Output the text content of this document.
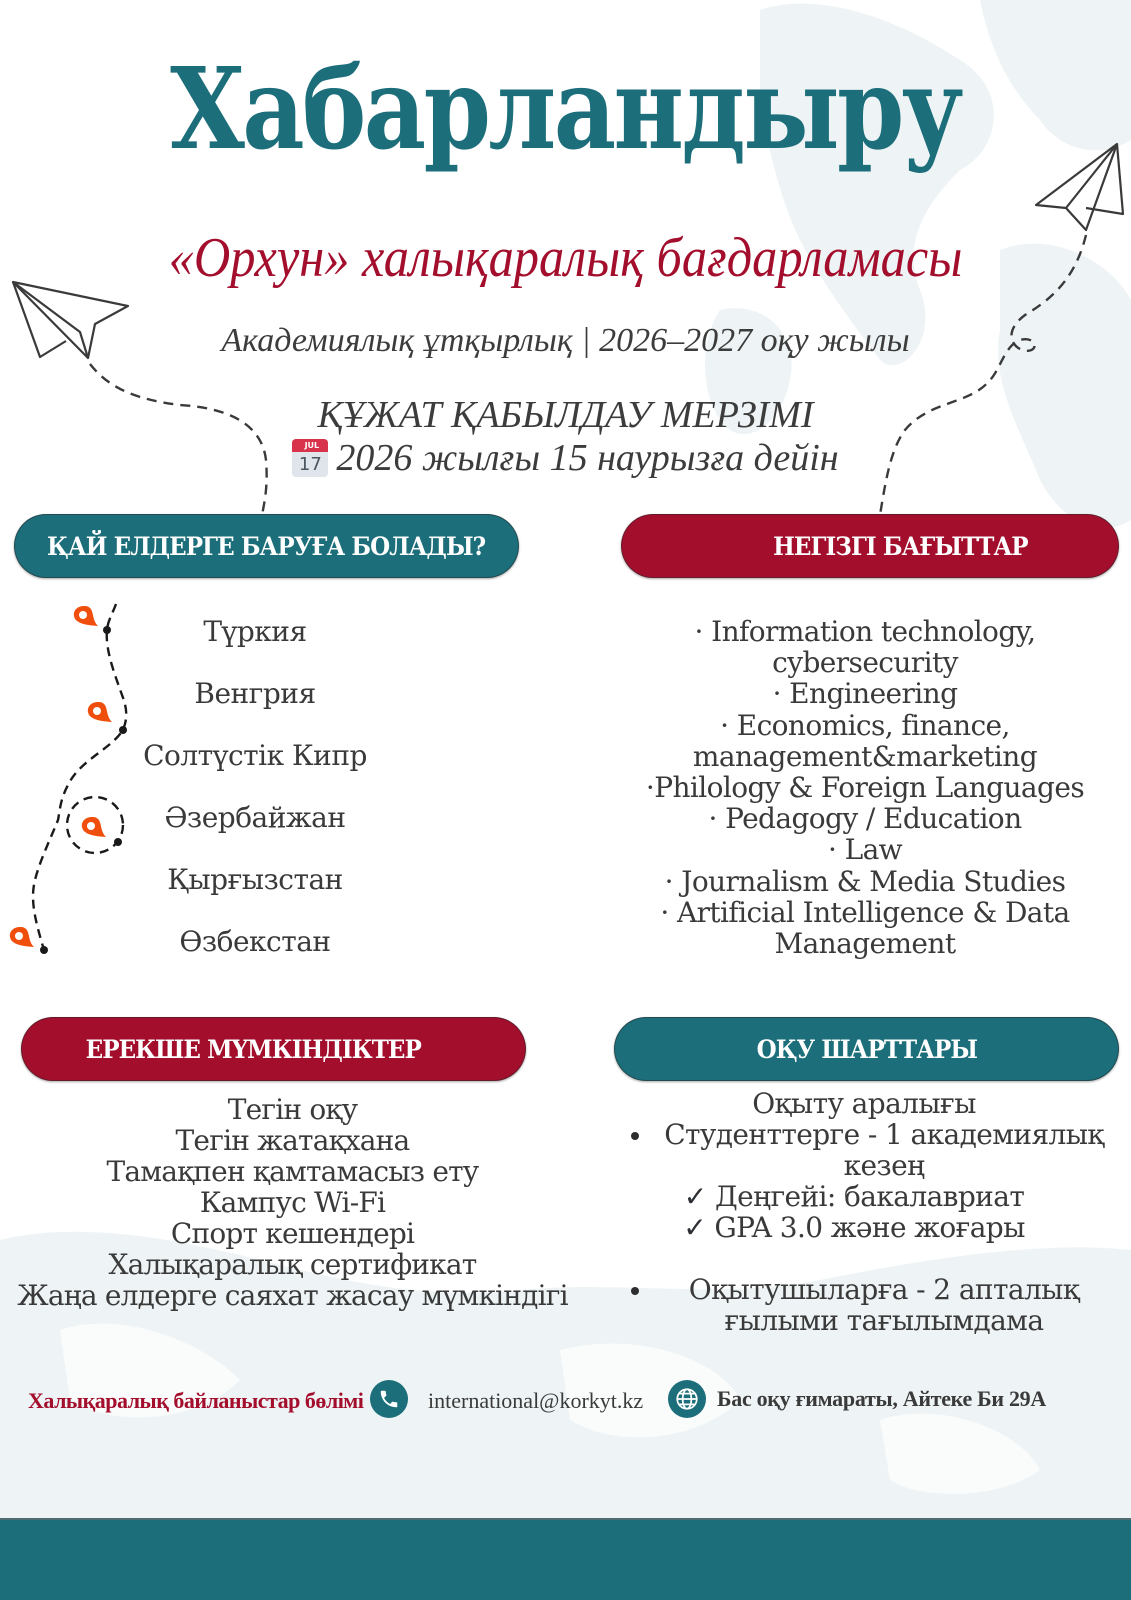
Хабарландыру
«Орхун» халықаралық бағдарламасы
Академиялық ұтқырлық | 2026–2027 оқу жылы
ҚҰЖАТ ҚАБЫЛДАУ МЕРЗІМІ
JUL
17 2026 жылғы 15 наурызға дейін
ҚАЙ ЕЛДЕРГЕ БАРУҒА БОЛАДЫ?	НЕГІЗГІ БАҒЫТТАР
ЕРЕКШЕ МҮМКІНДІКТЕР	ОҚУ ШАРТТАРЫ
Түркия
Венгрия
Солтүстік Кипр
Әзербайжан
Қырғызстан
Өзбекстан
· Information technology,
cybersecurity
· Engineering
· Economics, finance,
management&marketing
·Philology & Foreign Languages
· Pedagogy / Education
· Law
· Journalism & Media Studies
· Artificial Intelligence & Data
Management
Тегін оқу
Тегін жатақхана
Тамақпен қамтамасыз ету
Кампус Wi-Fi
Спорт кешендері
Халықаралық сертификат
Жаңа елдерге саяхат жасау мүмкіндігі
Оқыту аралығы
Студенттерге - 1 академиялық
кезең
✓ Деңгейі: бакалавриат
✓ GPA 3.0 және жоғары
Оқытушыларға - 2 апталық
ғылыми тағылымдама
Халықаралық байланыстар бөлімі	international@korkyt.kz	Бас оқу ғимараты, Айтеке Би 29А
